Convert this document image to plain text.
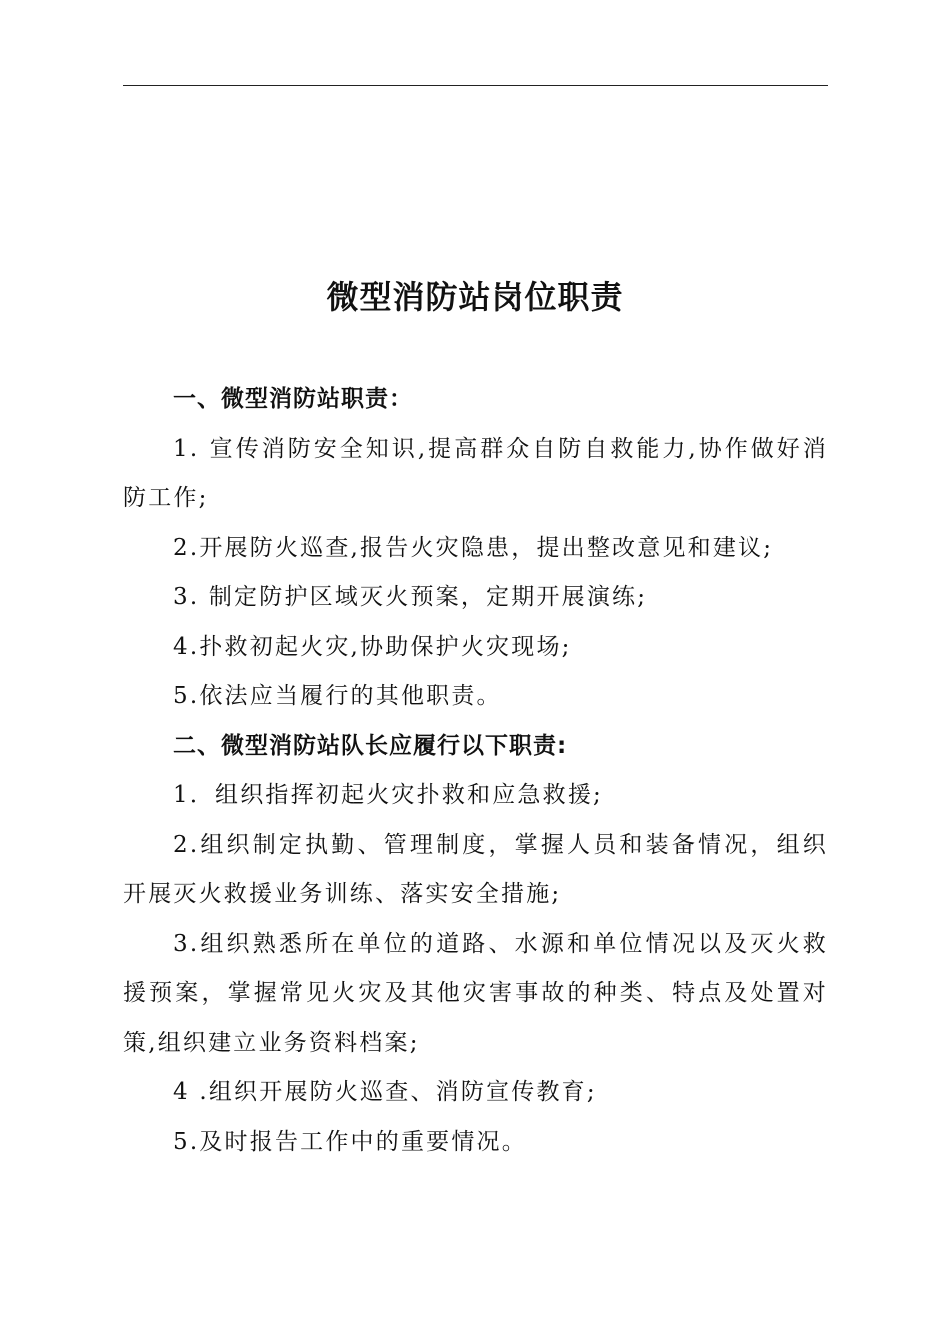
微型消防站岗位职责

一、微型消防站职责：

1. 宣传消防安全知识,提高群众自防自救能力,协作做好消防工作;

2.开展防火巡查,报告火灾隐患，提出整改意见和建议;

3. 制定防护区域灭火预案，定期开展演练;

4.扑救初起火灾,协助保护火灾现场;

5.依法应当履行的其他职责。

二、微型消防站队长应履行以下职责:

1．组织指挥初起火灾扑救和应急救援;

2.组织制定执勤、管理制度，掌握人员和装备情况，组织开展灭火救援业务训练、落实安全措施;

3.组织熟悉所在单位的道路、水源和单位情况以及灭火救援预案，掌握常见火灾及其他灾害事故的种类、特点及处置对策,组织建立业务资料档案;

4 .组织开展防火巡查、消防宣传教育;

5.及时报告工作中的重要情况。
